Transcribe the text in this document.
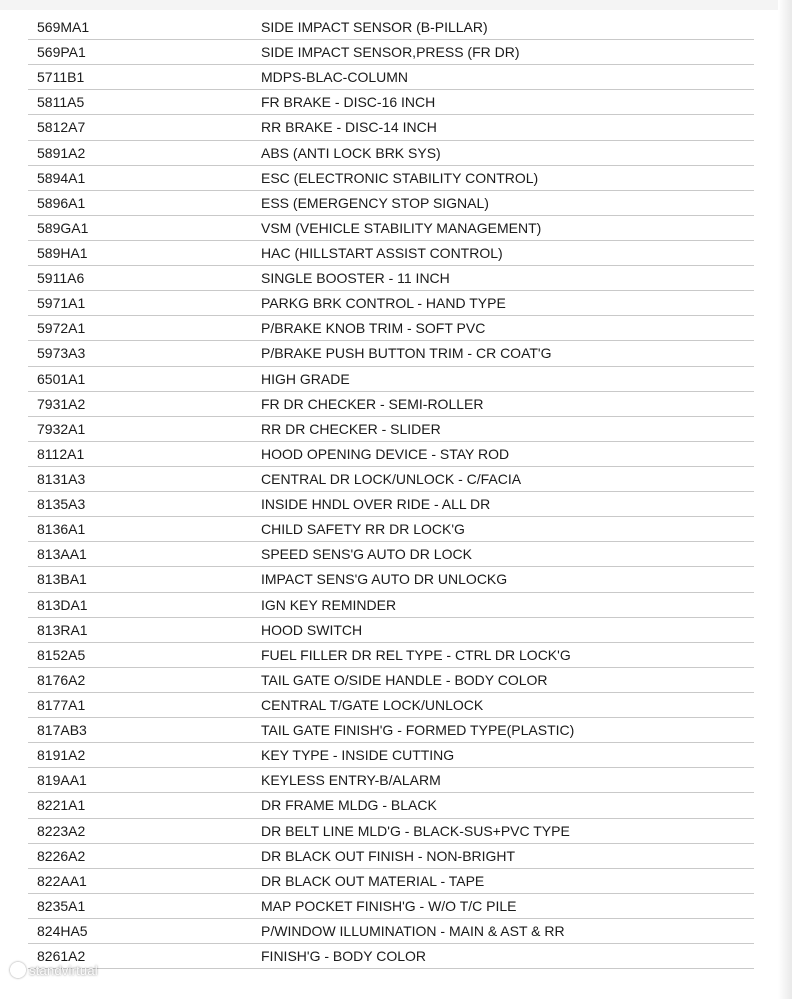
569MA1	SIDE IMPACT SENSOR (B-PILLAR)
569PA1	SIDE IMPACT SENSOR,PRESS (FR DR)
5711B1	MDPS-BLAC-COLUMN
5811A5	FR BRAKE - DISC-16 INCH
5812A7	RR BRAKE - DISC-14 INCH
5891A2	ABS (ANTI LOCK BRK SYS)
5894A1	ESC (ELECTRONIC STABILITY CONTROL)
5896A1	ESS (EMERGENCY STOP SIGNAL)
589GA1	VSM (VEHICLE STABILITY MANAGEMENT)
589HA1	HAC (HILLSTART ASSIST CONTROL)
5911A6	SINGLE BOOSTER - 11 INCH
5971A1	PARKG BRK CONTROL - HAND TYPE
5972A1	P/BRAKE KNOB TRIM - SOFT PVC
5973A3	P/BRAKE PUSH BUTTON TRIM - CR COAT'G
6501A1	HIGH GRADE
7931A2	FR DR CHECKER - SEMI-ROLLER
7932A1	RR DR CHECKER - SLIDER
8112A1	HOOD OPENING DEVICE - STAY ROD
8131A3	CENTRAL DR LOCK/UNLOCK - C/FACIA
8135A3	INSIDE HNDL OVER RIDE - ALL DR
8136A1	CHILD SAFETY RR DR LOCK'G
813AA1	SPEED SENS'G AUTO DR LOCK
813BA1	IMPACT SENS'G AUTO DR UNLOCKG
813DA1	IGN KEY REMINDER
813RA1	HOOD SWITCH
8152A5	FUEL FILLER DR REL TYPE - CTRL DR LOCK'G
8176A2	TAIL GATE O/SIDE HANDLE - BODY COLOR
8177A1	CENTRAL T/GATE LOCK/UNLOCK
817AB3	TAIL GATE FINISH'G - FORMED TYPE(PLASTIC)
8191A2	KEY TYPE - INSIDE CUTTING
819AA1	KEYLESS ENTRY-B/ALARM
8221A1	DR FRAME MLDG - BLACK
8223A2	DR BELT LINE MLD'G - BLACK-SUS+PVC TYPE
8226A2	DR BLACK OUT FINISH - NON-BRIGHT
822AA1	DR BLACK OUT MATERIAL - TAPE
8235A1	MAP POCKET FINISH'G - W/O T/C PILE
824HA5	P/WINDOW ILLUMINATION - MAIN & AST & RR
8261A2	FINISH'G - BODY COLOR
standvirtual
